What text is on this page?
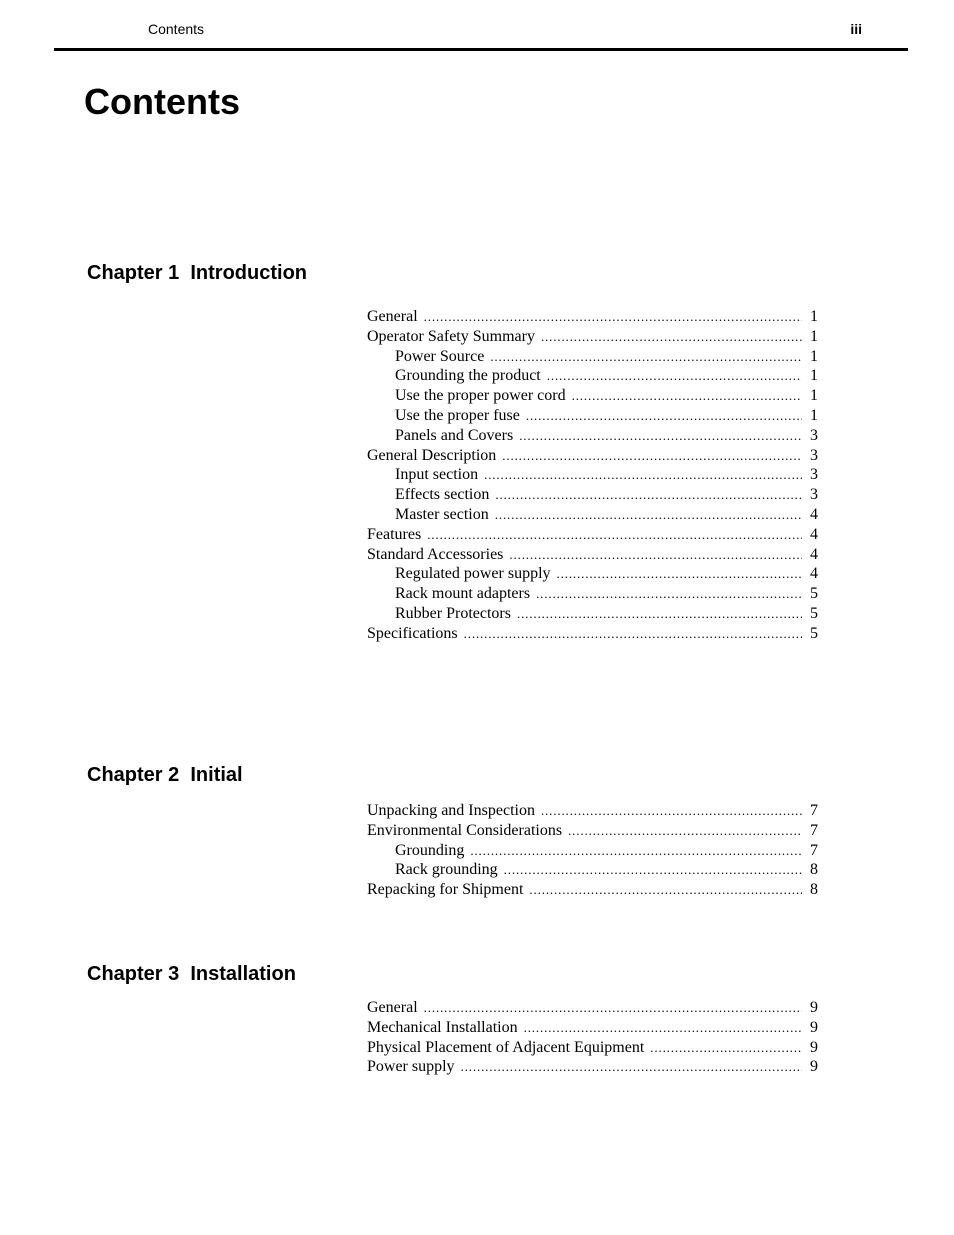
Contents	iii
Contents
Chapter 1  Introduction
General . . .	1
Operator Safety Summary . . .	1
Power Source . . .	1
Grounding the product . . .	1
Use the proper power cord . . .	1
Use the proper fuse . . .	1
Panels and Covers . . .	3
General Description . . .	3
Input section . . .	3
Effects section . . .	3
Master section . . .	4
Features . . .	4
Standard Accessories . . .	4
Regulated power supply . . .	4
Rack mount adapters . . .	5
Rubber Protectors . . .	5
Specifications . . .	5
Chapter 2  Initial
Unpacking and Inspection . . .	7
Environmental Considerations . . .	7
Grounding . . .	7
Rack grounding . . .	8
Repacking for Shipment . . .	8
Chapter 3  Installation
General . . .	9
Mechanical Installation . . .	9
Physical Placement of Adjacent Equipment . . .	9
Power supply . . .	9
